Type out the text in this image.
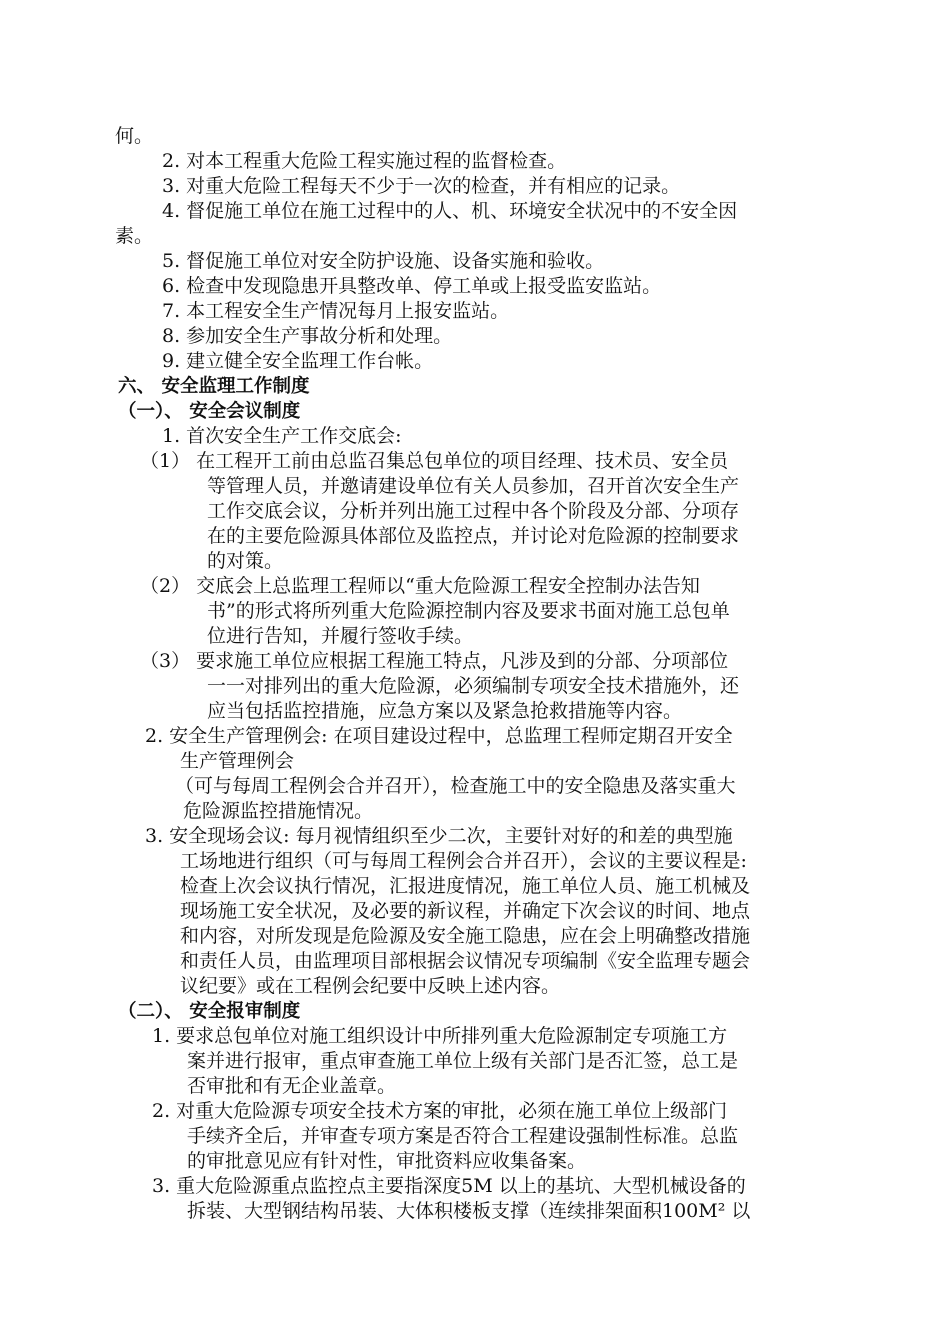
何。
2. 对本工程重大危险工程实施过程的监督检查。
3. 对重大危险工程每天不少于一次的检查，并有相应的记录。
4. 督促施工单位在施工过程中的人、机、环境安全状况中的不安全因
素。
5. 督促施工单位对安全防护设施、设备实施和验收。
6. 检查中发现隐患开具整改单、停工单或上报受监安监站。
7. 本工程安全生产情况每月上报安监站。
8. 参加安全生产事故分析和处理。
9. 建立健全安全监理工作台帐。
六、 安全监理工作制度
（一）、 安全会议制度
1. 首次安全生产工作交底会:
（1） 在工程开工前由总监召集总包单位的项目经理、技术员、安全员
等管理人员，并邀请建设单位有关人员参加，召开首次安全生产
工作交底会议，分析并列出施工过程中各个阶段及分部、分项存
在的主要危险源具体部位及监控点，并讨论对危险源的控制要求
的对策。
（2） 交底会上总监理工程师以“重大危险源工程安全控制办法告知
书”的形式将所列重大危险源控制内容及要求书面对施工总包单
位进行告知，并履行签收手续。
（3） 要求施工单位应根据工程施工特点，凡涉及到的分部、分项部位
一一对排列出的重大危险源，必须编制专项安全技术措施外，还
应当包括监控措施，应急方案以及紧急抢救措施等内容。
2. 安全生产管理例会: 在项目建设过程中，总监理工程师定期召开安全
生产管理例会
（可与每周工程例会合并召开），检查施工中的安全隐患及落实重大
危险源监控措施情况。
3. 安全现场会议: 每月视情组织至少二次，主要针对好的和差的典型施
工场地进行组织（可与每周工程例会合并召开），会议的主要议程是:
检查上次会议执行情况，汇报进度情况，施工单位人员、施工机械及
现场施工安全状况，及必要的新议程，并确定下次会议的时间、地点
和内容，对所发现是危险源及安全施工隐患，应在会上明确整改措施
和责任人员，由监理项目部根据会议情况专项编制《安全监理专题会
议纪要》或在工程例会纪要中反映上述内容。
（二）、 安全报审制度
1. 要求总包单位对施工组织设计中所排列重大危险源制定专项施工方
案并进行报审，重点审查施工单位上级有关部门是否汇签，总工是
否审批和有无企业盖章。
2. 对重大危险源专项安全技术方案的审批，必须在施工单位上级部门
手续齐全后，并审查专项方案是否符合工程建设强制性标准。总监
的审批意见应有针对性，审批资料应收集备案。
3. 重大危险源重点监控点主要指深度5M 以上的基坑、大型机械设备的
拆装、大型钢结构吊装、大体积楼板支撑（连续排架面积100M² 以
